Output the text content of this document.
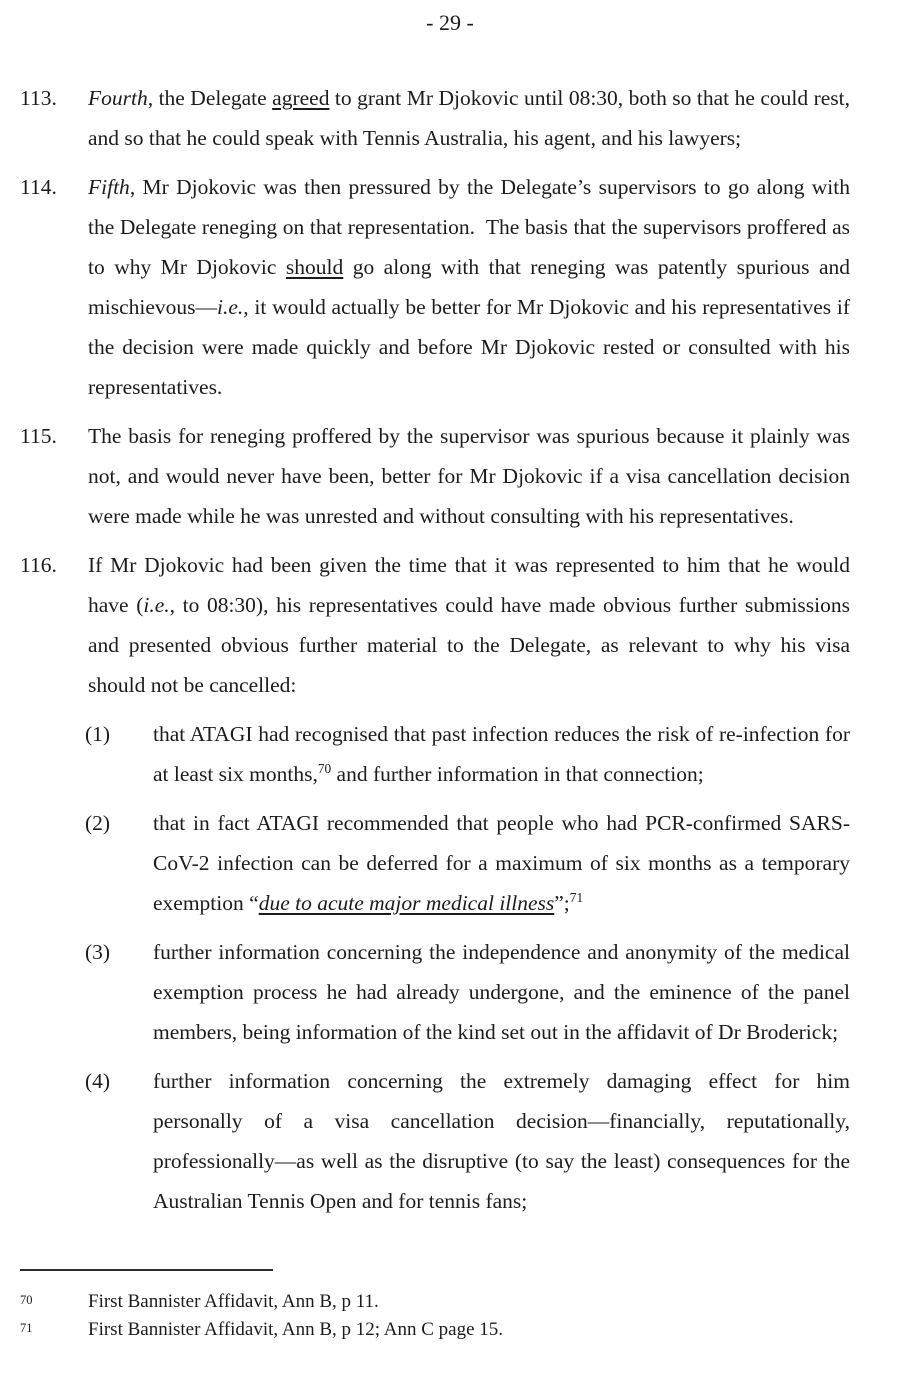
- 29 -
113.	Fourth, the Delegate agreed to grant Mr Djokovic until 08:30, both so that he could rest, and so that he could speak with Tennis Australia, his agent, and his lawyers;
114.	Fifth, Mr Djokovic was then pressured by the Delegate’s supervisors to go along with the Delegate reneging on that representation.  The basis that the supervisors proffered as to why Mr Djokovic should go along with that reneging was patently spurious and mischievous—i.e., it would actually be better for Mr Djokovic and his representatives if the decision were made quickly and before Mr Djokovic rested or consulted with his representatives.
115.	The basis for reneging proffered by the supervisor was spurious because it plainly was not, and would never have been, better for Mr Djokovic if a visa cancellation decision were made while he was unrested and without consulting with his representatives.
116.	If Mr Djokovic had been given the time that it was represented to him that he would have (i.e., to 08:30), his representatives could have made obvious further submissions and presented obvious further material to the Delegate, as relevant to why his visa should not be cancelled:
(1)	that ATAGI had recognised that past infection reduces the risk of re-infection for at least six months,$^{70}$ and further information in that connection;
(2)	that in fact ATAGI recommended that people who had PCR-confirmed SARS-CoV-2 infection can be deferred for a maximum of six months as a temporary exemption “due to acute major medical illness”;$^{71}$
(3)	further information concerning the independence and anonymity of the medical exemption process he had already undergone, and the eminence of the panel members, being information of the kind set out in the affidavit of Dr Broderick;
(4)	further information concerning the extremely damaging effect for him personally of a visa cancellation decision—financially, reputationally, professionally—as well as the disruptive (to say the least) consequences for the Australian Tennis Open and for tennis fans;
70	First Bannister Affidavit, Ann B, p 11.
71	First Bannister Affidavit, Ann B, p 12; Ann C page 15.
